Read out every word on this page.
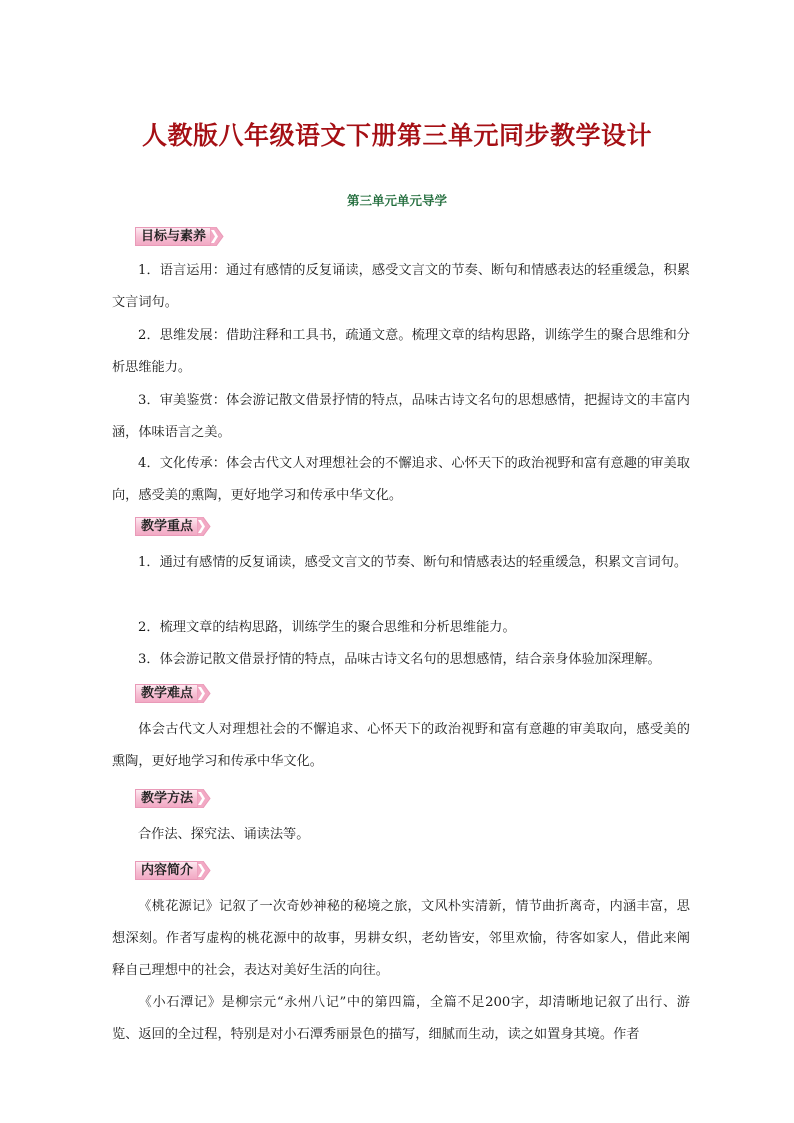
人教版八年级语文下册第三单元同步教学设计
第三单元单元导学
目标与素养
1．语言运用：通过有感情的反复诵读，感受文言文的节奏、断句和情感表达的轻重缓急，积累文言词句。
2．思维发展：借助注释和工具书，疏通文意。梳理文章的结构思路，训练学生的聚合思维和分析思维能力。
3．审美鉴赏：体会游记散文借景抒情的特点，品味古诗文名句的思想感情，把握诗文的丰富内涵，体味语言之美。
4．文化传承：体会古代文人对理想社会的不懈追求、心怀天下的政治视野和富有意趣的审美取向，感受美的熏陶，更好地学习和传承中华文化。
教学重点
1．通过有感情的反复诵读，感受文言文的节奏、断句和情感表达的轻重缓急，积累文言词句。
2．梳理文章的结构思路，训练学生的聚合思维和分析思维能力。
3．体会游记散文借景抒情的特点，品味古诗文名句的思想感情，结合亲身体验加深理解。
教学难点
体会古代文人对理想社会的不懈追求、心怀天下的政治视野和富有意趣的审美取向，感受美的熏陶，更好地学习和传承中华文化。
教学方法
合作法、探究法、诵读法等。
内容简介
《桃花源记》记叙了一次奇妙神秘的秘境之旅，文风朴实清新，情节曲折离奇，内涵丰富，思想深刻。作者写虚构的桃花源中的故事，男耕女织，老幼皆安，邻里欢愉，待客如家人，借此来阐释自己理想中的社会，表达对美好生活的向往。
《小石潭记》是柳宗元“永州八记”中的第四篇，全篇不足200字，却清晰地记叙了出行、游览、返回的全过程，特别是对小石潭秀丽景色的描写，细腻而生动，读之如置身其境。作者
